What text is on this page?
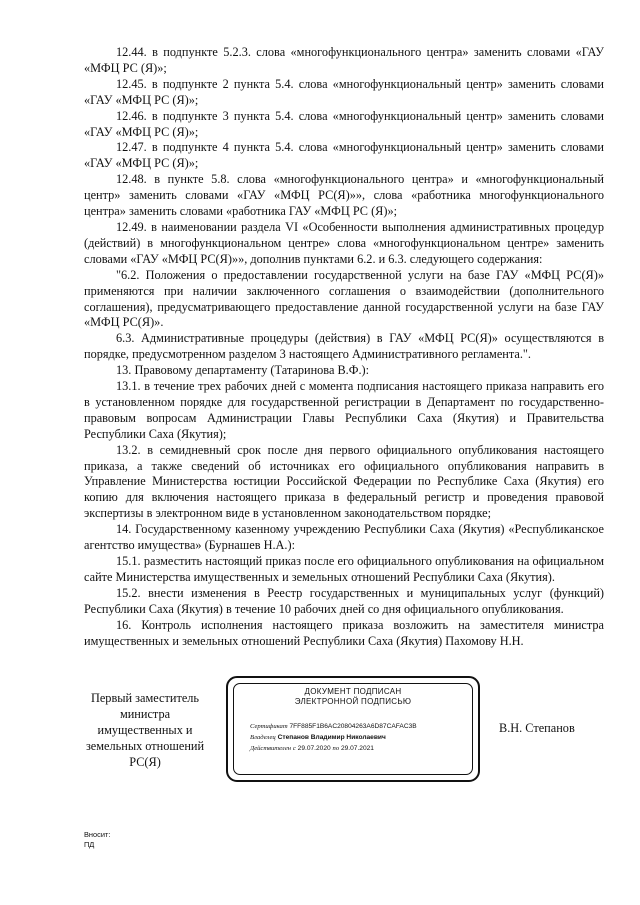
12.44. в подпункте 5.2.3. слова «многофункционального центра» заменить словами «ГАУ «МФЦ РС (Я)»;

12.45. в подпункте 2 пункта 5.4. слова «многофункциональный центр» заменить словами «ГАУ «МФЦ РС (Я)»;

12.46. в подпункте 3 пункта 5.4. слова «многофункциональный центр» заменить словами «ГАУ «МФЦ РС (Я)»;

12.47. в подпункте 4 пункта 5.4. слова «многофункциональный центр» заменить словами «ГАУ «МФЦ РС (Я)»;

12.48. в пункте 5.8. слова «многофункционального центра» и «многофункциональный центр» заменить словами «ГАУ «МФЦ РС(Я)»», слова «работника многофункционального центра» заменить словами «работника ГАУ «МФЦ РС (Я)»;

12.49. в наименовании раздела VI «Особенности выполнения административных процедур (действий) в многофункциональном центре» слова «многофункциональном центре» заменить словами «ГАУ «МФЦ РС(Я)»», дополнив пунктами 6.2. и 6.3. следующего содержания:

"6.2. Положения о предоставлении государственной услуги на базе ГАУ «МФЦ РС(Я)» применяются при наличии заключенного соглашения о взаимодействии (дополнительного соглашения), предусматривающего предоставление данной государственной услуги на базе ГАУ «МФЦ РС(Я)».

6.3. Административные процедуры (действия) в ГАУ «МФЦ РС(Я)» осуществляются в порядке, предусмотренном разделом 3 настоящего Административного регламента.".

13. Правовому департаменту (Татаринова В.Ф.):

13.1. в течение трех рабочих дней с момента подписания настоящего приказа направить его в установленном порядке для государственной регистрации в Департамент по государственно-правовым вопросам Администрации Главы Республики Саха (Якутия) и Правительства Республики Саха (Якутия);

13.2. в семидневный срок после дня первого официального опубликования настоящего приказа, а также сведений об источниках его официального опубликования направить в Управление Министерства юстиции Российской Федерации по Республике Саха (Якутия) его копию для включения настоящего приказа в федеральный регистр и проведения правовой экспертизы в электронном виде в установленном законодательством порядке;

14. Государственному казенному учреждению Республики Саха (Якутия) «Республиканское агентство имущества» (Бурнашев Н.А.):

15.1. разместить настоящий приказ после его официального опубликования на официальном сайте Министерства имущественных и земельных отношений Республики Саха (Якутия).

15.2. внести изменения в Реестр государственных и муниципальных услуг (функций) Республики Саха (Якутия) в течение 10 рабочих дней со дня официального опубликования.

16. Контроль исполнения настоящего приказа возложить на заместителя министра имущественных и земельных отношений Республики Саха (Якутия) Пахомову Н.Н.

Первый заместитель
министра
имущественных и
земельных отношений
РС(Я)
ДОКУМЕНТ ПОДПИСАН
ЭЛЕКТРОННОЙ ПОДПИСЬЮ
Сертификат 7FF885F1B6AC20804263A6D87CAFAC3B
Владелец Степанов Владимир Николаевич
Действителен с 29.07.2020 по 29.07.2021
В.Н. Степанов
Вносит:
ПД
